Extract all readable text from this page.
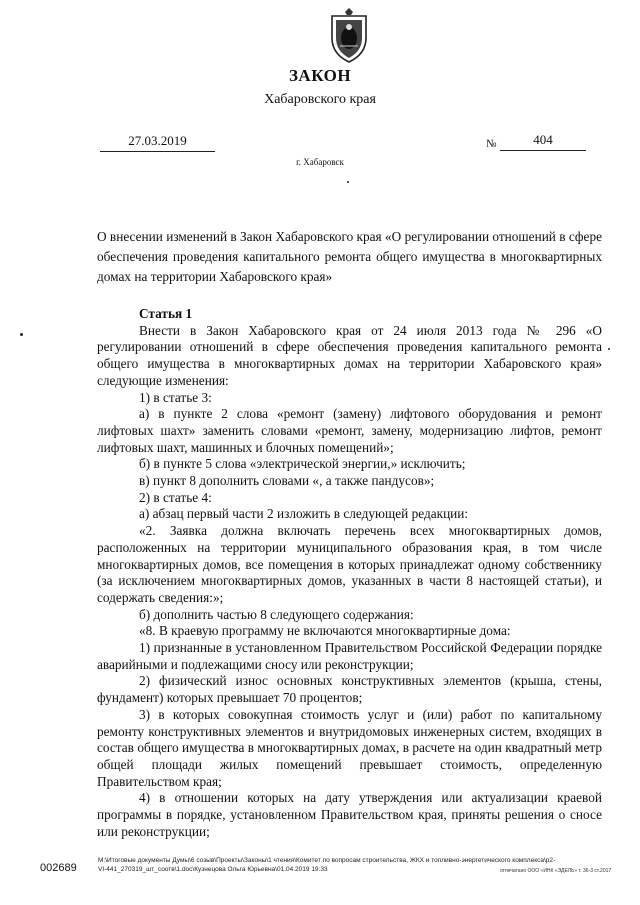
ЗАКОН
Хабаровского края
27.03.2019	№	404
г. Хабаровск
О внесении изменений в Закон Хабаровского края «О регулировании отношений в сфере обеспечения проведения капитального ремонта общего имущества в многоквартирных домах на территории Хабаровского края»

Статья 1

Внести в Закон Хабаровского края от 24 июля 2013 года № 296 «О регулировании отношений в сфере обеспечения проведения капитального ремонта общего имущества в многоквартирных домах на территории Хабаровского края» следующие изменения:

1) в статье 3:

а) в пункте 2 слова «ремонт (замену) лифтового оборудования и ремонт лифтовых шахт» заменить словами «ремонт, замену, модернизацию лифтов, ремонт лифтовых шахт, машинных и блочных помещений»;

б) в пункте 5 слова «электрической энергии,» исключить;

в) пункт 8 дополнить словами «, а также пандусов»;

2) в статье 4:

а) абзац первый части 2 изложить в следующей редакции:

«2. Заявка должна включать перечень всех многоквартирных домов, расположенных на территории муниципального образования края, в том числе многоквартирных домов, все помещения в которых принадлежат одному собственнику (за исключением многоквартирных домов, указанных в части 8 настоящей статьи), и содержать сведения:»;

б) дополнить частью 8 следующего содержания:

«8. В краевую программу не включаются многоквартирные дома:

1) признанные в установленном Правительством Российской Федерации порядке аварийными и подлежащими сносу или реконструкции;

2) физический износ основных конструктивных элементов (крыша, стены, фундамент) которых превышает 70 процентов;

3) в которых совокупная стоимость услуг и (или) работ по капитальному ремонту конструктивных элементов и внутридомовых инженерных систем, входящих в состав общего имущества в многоквартирных домах, в расчете на один квадратный метр общей площади жилых помещений превышает стоимость, определенную Правительством края;

4) в отношении которых на дату утверждения или актуализации краевой программы в порядке, установленном Правительством края, приняты решения о сносе или реконструкции;

002689
M:\Итоговые документы Думы\6 созыв\Проекты\Законы\1 чтения\Комитет по вопросам строительства, ЖКХ и топливно-энергетического комплекса\р2-
VI-441_270319_шт_соотв\1.doc\Кузнецова Ольга Юрьевна\01.04.2019 19:33	отпечатано ООО «ИНК «ЭДЕЛЬ» т. 36-3 ст.2017
